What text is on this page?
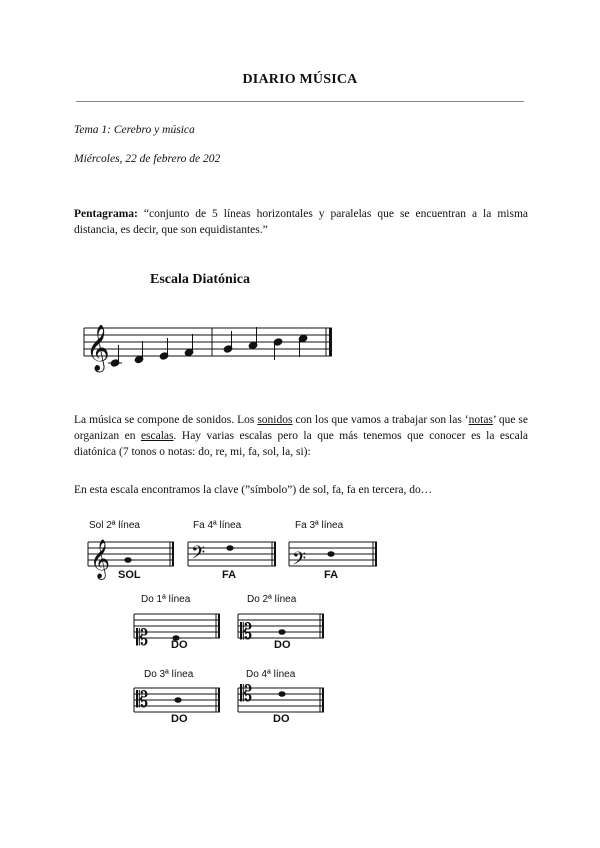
DIARIO MÚSICA
Tema 1: Cerebro y música
Miércoles, 22 de febrero de 202
Pentagrama: “conjunto de 5 líneas horizontales y paralelas que se encuentran a la misma distancia, es decir, que son equidistantes.”
Escala Diatónica
𝄞
La música se compone de sonidos. Los sonidos con los que vamos a trabajar son las ‘notas’ que se organizan en escalas. Hay varias escalas pero la que más tenemos que conocer es la escala diatónica (7 tonos o notas: do, re, mi, fa, sol, la, si):
En esta escala encontramos la clave (”símbolo”) de sol, fa, fa en tercera, do…
Sol 2ª línea
𝄞 SOL
Fa 4ª línea
𝄢
FA
Fa 3ª línea
𝄢
FA
Do 1ª línea
𝄡 DO
Do 2ª línea
𝄡 DO
Do 3ª línea
𝄡
DO
Do 4ª línea
𝄡
DO
